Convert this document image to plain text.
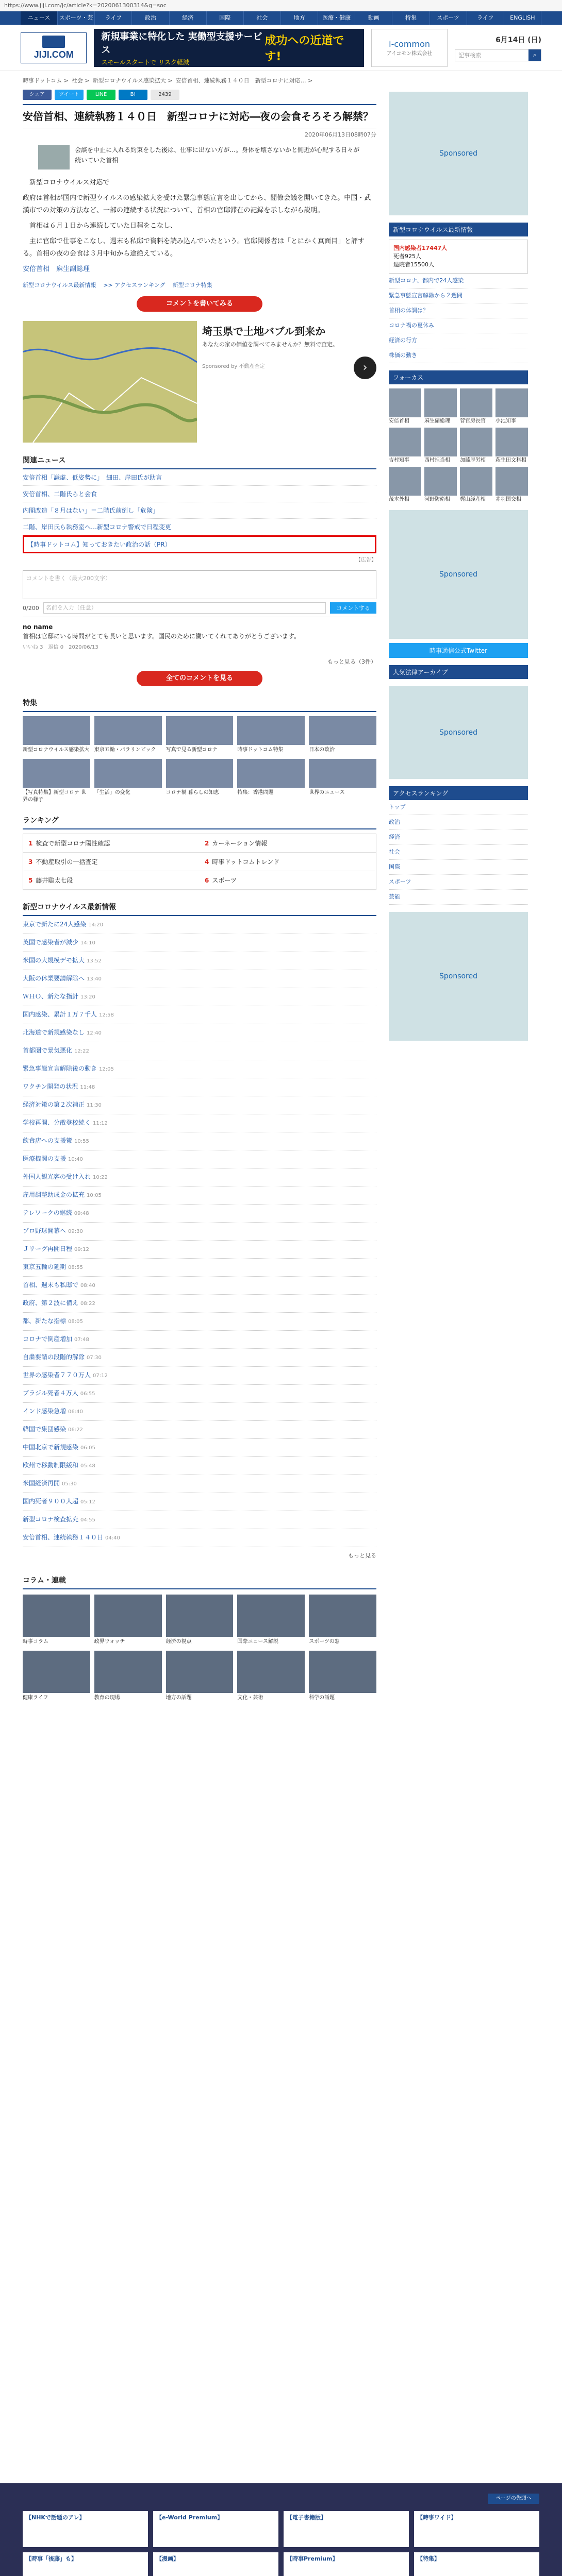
https://www.jiji.com/jc/article?k=2020061300314&g=soc
ニュース	スポーツ・芸能
ライフ	政治	経済	国際	社会	地方	医療・健康	動画	特集	スポーツ	ライフ	ENGLISH
JIJI.COM
新規事業に特化した 実働型支援サービス
スモールスタートで リスク軽減
成功への近道です!
i-common
アイコモン株式会社
6月14日 (日)
記事検索	⌕
時事ドットコム > 社会 > 新型コロナウイルス感染拡大 > 安倍首相、連続執務１４０日　新型コロナに対応… >
シェア	ツイート	LINE	B!	2439
安倍首相、連続執務１４０日　新型コロナに対応―夜の会食そろそろ解禁？
2020年06月13日08時07分
会談を中止に入れる約束をした後は、仕事に出ない方が…。身体を壊さないかと側近が心配する日々が続いていた首相

　新型コロナウイルス対応で

政府は首相が国内で新型ウイルスの感染拡大を受けた緊急事態宣言を出してから、閣僚会議を開いてきた。中国・武漢市での対策の方法など、一部の連続する状況について、首相の官邸滞在の記録を示しながら説明。

　首相は６月１日から連続していた日程をこなし、

　主に官邸で仕事をこなし、週末も私邸で資料を読み込んでいたという。官邸関係者は「とにかく真面目」と評する。首相の夜の会食は３月中旬から途絶えている。

安倍首相　麻生副総理

新型コロナウイルス最新情報 >> アクセスランキング 新型コロナ特集
コメントを書いてみる
埼玉県で土地バブル到来か
あなたの家の価値を調べてみませんか？無料で査定。
›
Sponsored by 不動産査定
関連ニュース
安倍首相「謙虚、低姿勢に」　細田、岸田氏が助言
安倍首相、二階氏らと会食
内閣改造「８月はない」＝二階氏前倒し「危険」
二階、岸田氏ら執務室へ…新型コロナ警戒で日程変更
【時事ドットコム】知っておきたい政治の話（PR）
【広告】
コメントを書く（最大200文字）
0/200	名前を入力（任意）	コメントする
no name
首相は官邸にいる時間がとても長いと思います。国民のために働いてくれてありがとうございます。
いいね 3　返信 0　2020/06/13
もっと見る（3件）
全てのコメントを見る
特集
新型コロナウイルス感染拡大 東京五輪・パラリンピック	写真で見る新型コロナ	時事ドットコム特集	日本の政治
【写真特集】新型コロナ 世界の様子
「生活」の変化	コロナ禍 暮らしの知恵	特集：香港問題	世界のニュース
ランキング
1 検査で新型コロナ陽性確認	2 カーネーション情報
3 不動産取引の一括査定	4 時事ドットコムトレンド
5 藤井聡太七段	6 スポーツ
新型コロナウイルス最新情報
東京で新たに24人感染 14:20
英国で感染者が減少 14:10
米国の大規模デモ拡大 13:52
大阪の休業要請解除へ 13:40
ＷＨＯ、新たな指針 13:20
国内感染、累計１万７千人 12:58
北海道で新規感染なし 12:40
首都圏で景気悪化 12:22
緊急事態宣言解除後の動き 12:05
ワクチン開発の状況 11:48
経済対策の第２次補正 11:30
学校再開、分散登校続く 11:12
飲食店への支援策 10:55
医療機関の支援 10:40
外国人観光客の受け入れ 10:22
雇用調整助成金の拡充 10:05
テレワークの継続 09:48
プロ野球開幕へ 09:30
Ｊリーグ再開日程 09:12
東京五輪の延期 08:55
首相、週末も私邸で 08:40
政府、第２波に備え 08:22
都、新たな指標 08:05
コロナで倒産増加 07:48
自粛要請の段階的解除 07:30
世界の感染者７７０万人 07:12
ブラジル死者４万人 06:55
インド感染急増 06:40
韓国で集団感染 06:22
中国北京で新規感染 06:05
欧州で移動制限緩和 05:48
米国経済再開 05:30
国内死者９００人超 05:12
新型コロナ検査拡充 04:55
安倍首相、連続執務１４０日 04:40
もっと見る
コラム・連載
時事コラム	政界ウォッチ	経済の視点	国際ニュース解説	スポーツの窓
健康ライフ	教育の現場	地方の話題	文化・芸術	科学の話題
Sponsored
新型コロナウイルス最新情報
国内感染者17447人
死者925人
退院者15500人
新型コロナ、都内で24人感染
緊急事態宣言解除から２週間
首相の体調は？
コロナ禍の夏休み
経済の行方
株価の動き
フォーカス
安倍首相	麻生副総理	菅官房長官	小池知事
吉村知事	西村担当相	加藤厚労相	萩生田文科相
茂木外相	河野防衛相	梶山経産相	赤羽国交相
Sponsored
時事通信公式Twitter
人気法律アーカイブ
Sponsored
アクセスランキング
トップ
政治
経済
社会
国際
スポーツ
芸能
Sponsored
ページの先頭へ
【NHKで話題のアレ】	【e-World Premium】	【電子書籍版】	【時事ワイド】
【時事「後藤」も】	【漫画】	【時事Premium】	【特集】
